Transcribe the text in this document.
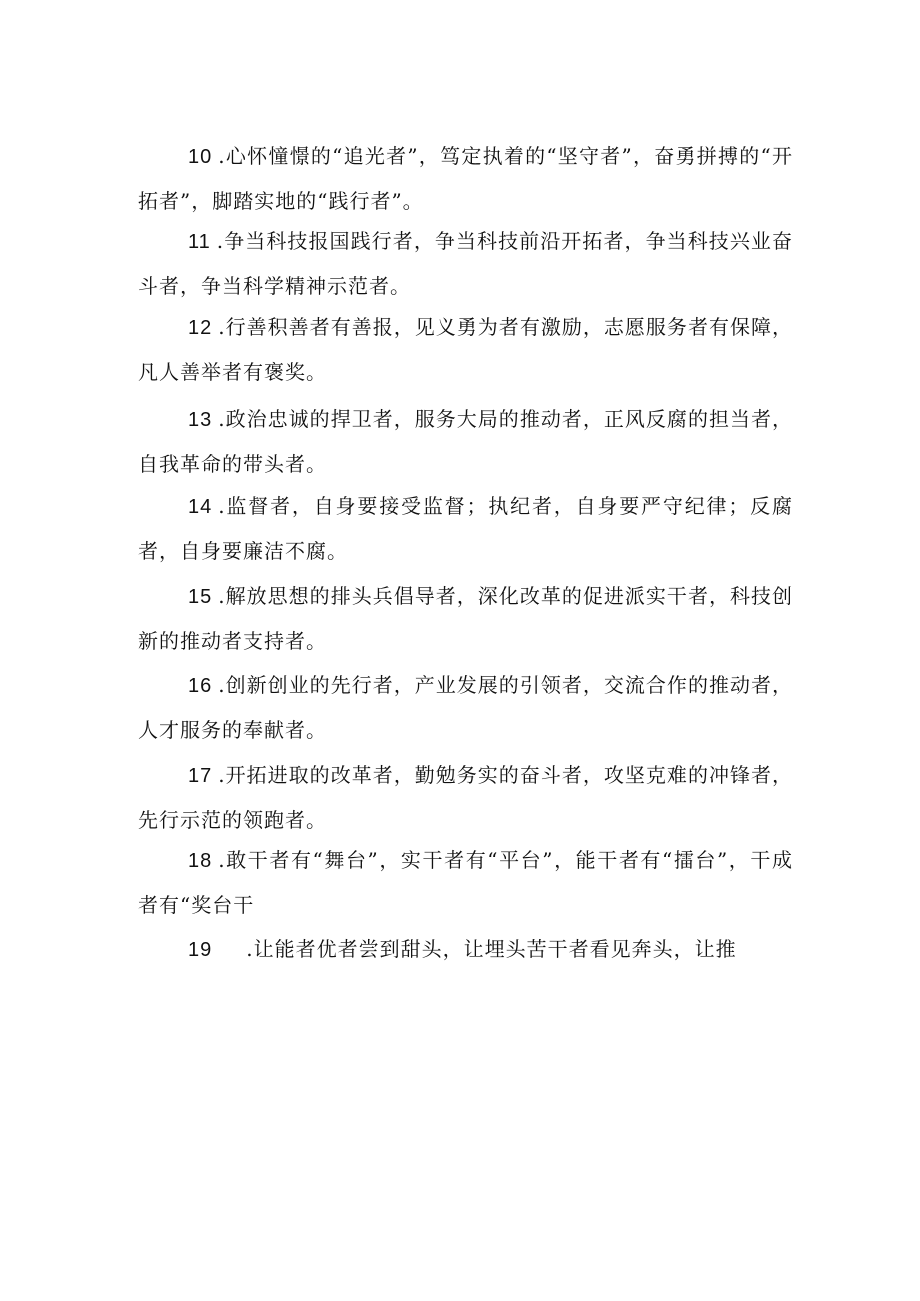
10 .心怀憧憬的“追光者”，笃定执着的“坚守者”，奋勇拼搏的“开拓者”，脚踏实地的“践行者”。

11 .争当科技报国践行者，争当科技前沿开拓者，争当科技兴业奋斗者，争当科学精神示范者。

12 .行善积善者有善报，见义勇为者有激励，志愿服务者有保障，凡人善举者有褒奖。

13 .政治忠诚的捍卫者，服务大局的推动者，正风反腐的担当者，自我革命的带头者。

14 .监督者，自身要接受监督；执纪者，自身要严守纪律；反腐者，自身要廉洁不腐。

15 .解放思想的排头兵倡导者，深化改革的促进派实干者，科技创新的推动者支持者。

16 .创新创业的先行者，产业发展的引领者，交流合作的推动者，人才服务的奉献者。

17 .开拓进取的改革者，勤勉务实的奋斗者，攻坚克难的冲锋者，先行示范的领跑者。

18 .敢干者有“舞台”，实干者有“平台”，能干者有“擂台”，干成者有“奖台干

19 .让能者优者尝到甜头，让埋头苦干者看见奔头，让推
